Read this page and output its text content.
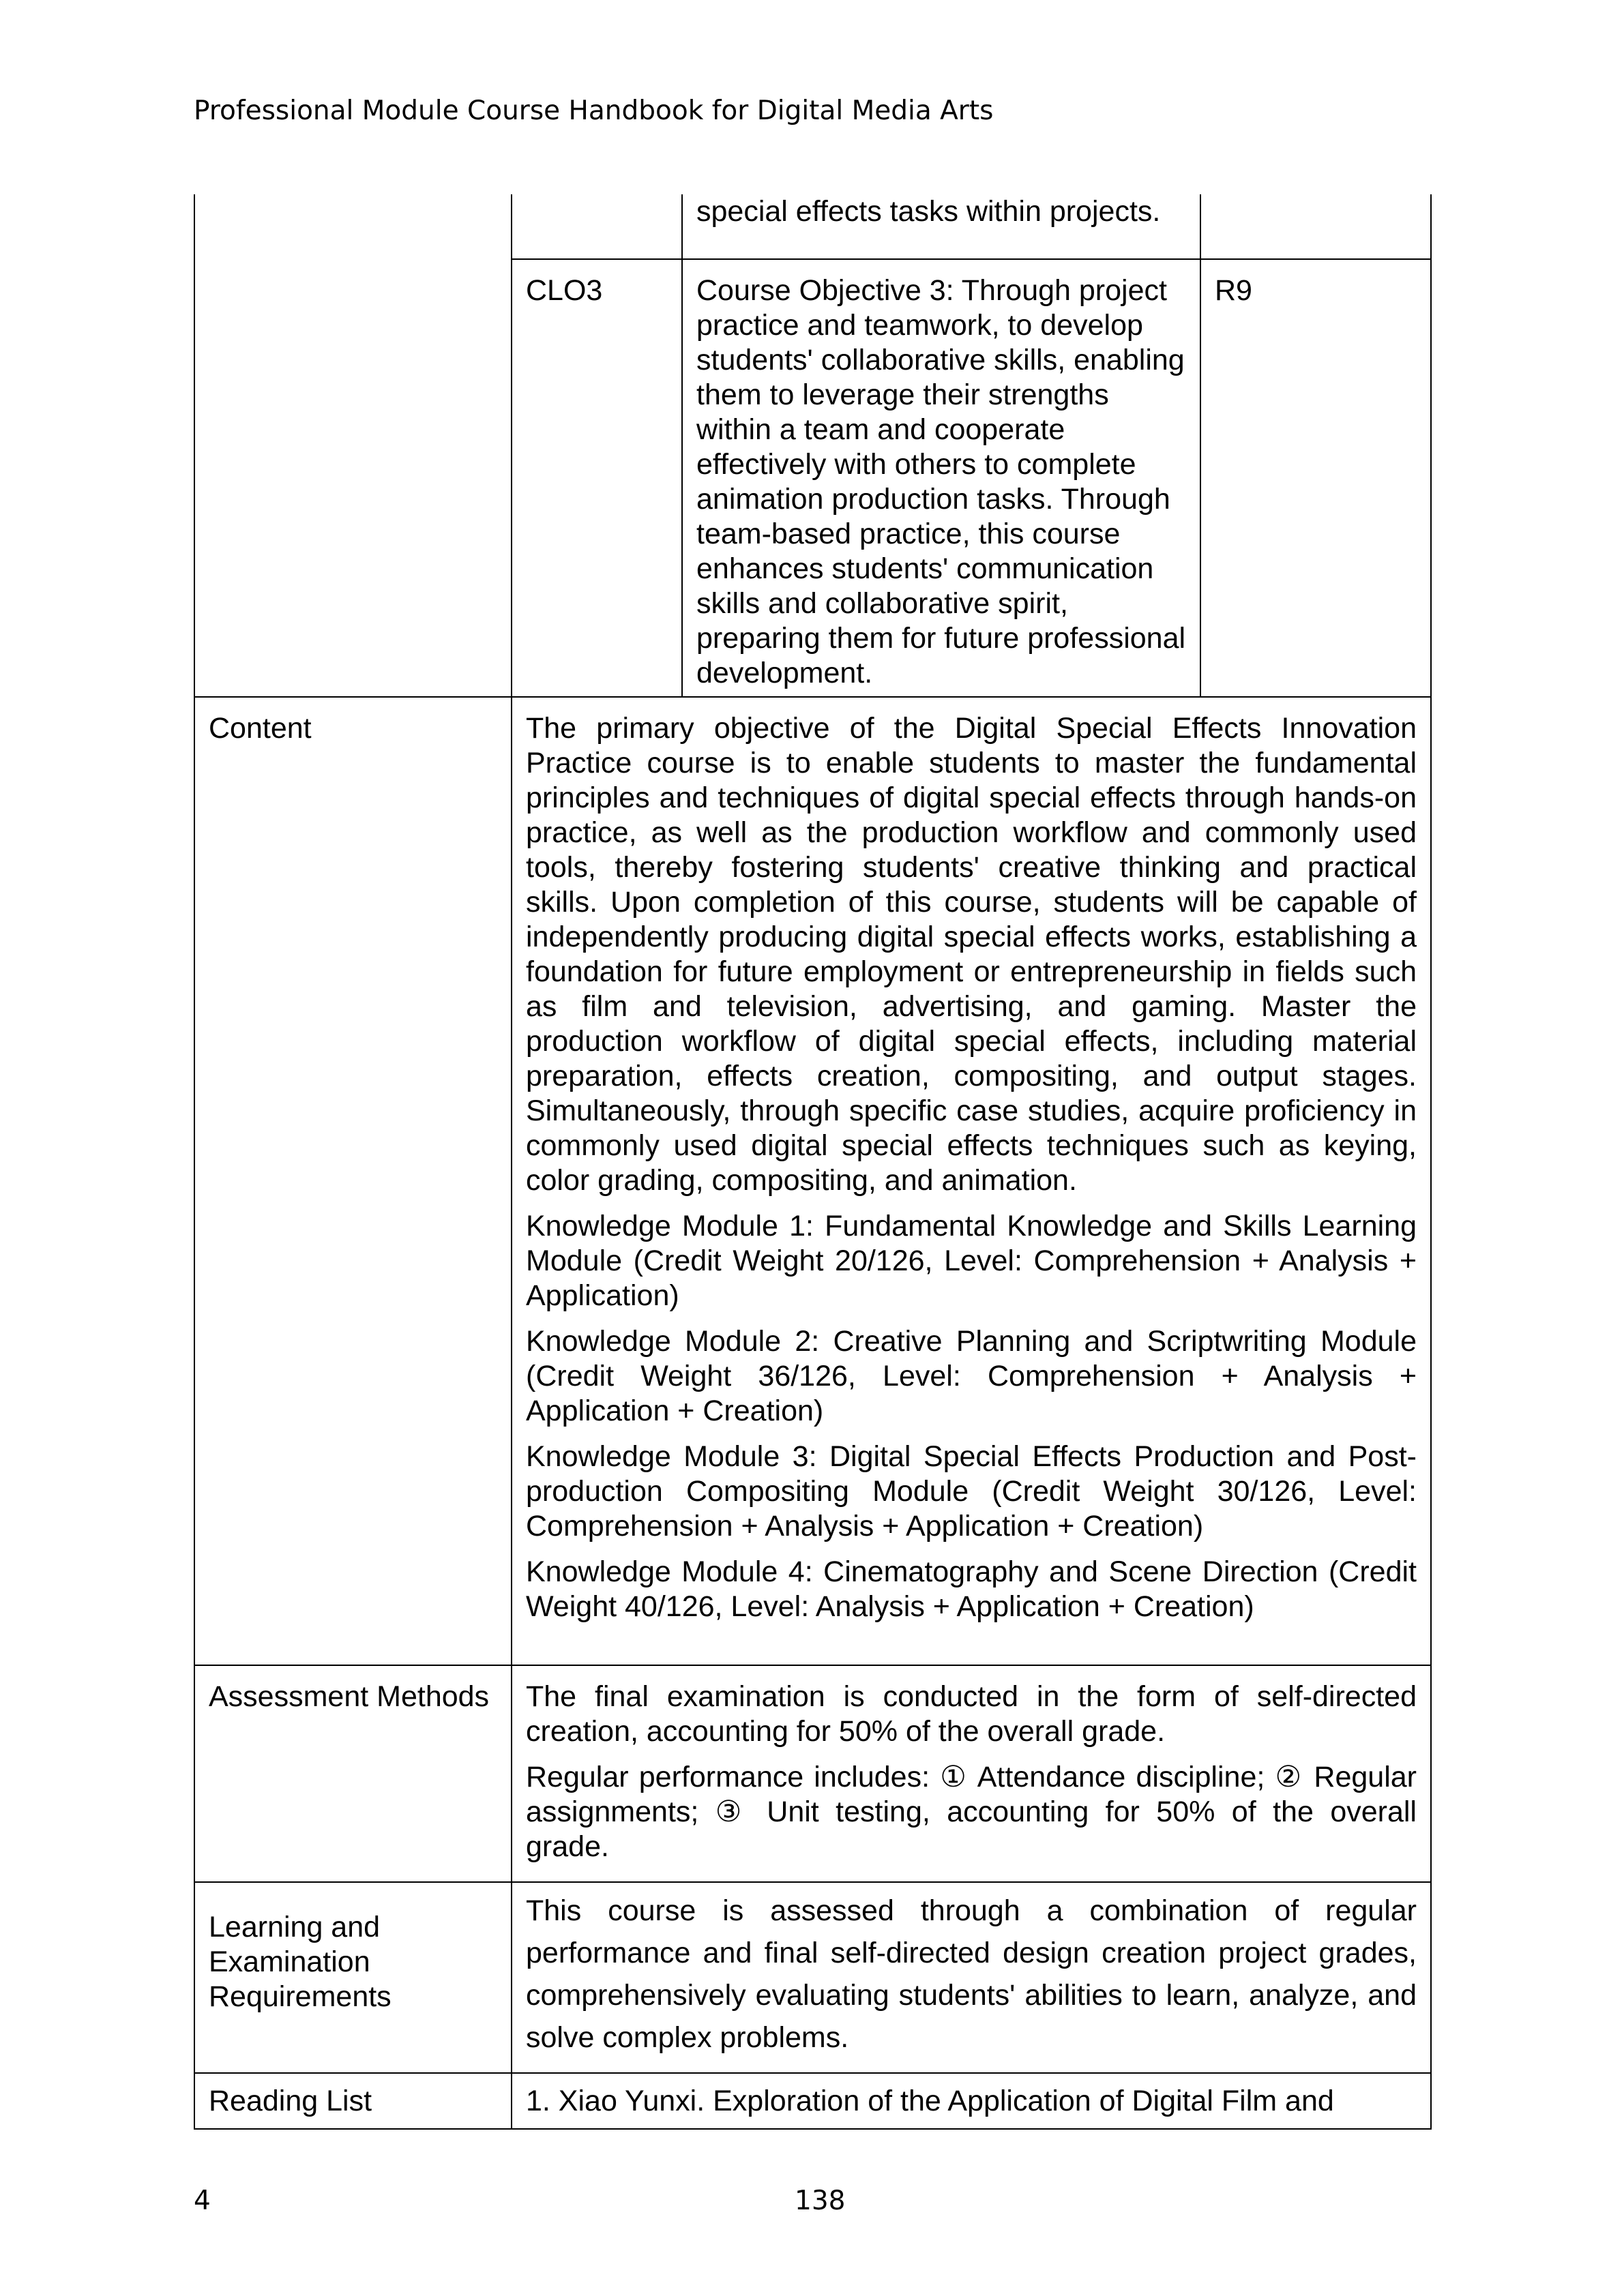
Professional Module Course Handbook for Digital Media Arts
		special effects tasks within projects.	
	CLO3	Course Objective 3: Through project practice and teamwork, to develop students' collaborative skills, enabling them to leverage their strengths within a team and cooperate effectively with others to complete animation production tasks. Through team-based practice, this course enhances students' communication skills and collaborative spirit, preparing them for future professional development.	R9
Content	The primary objective of the Digital Special Effects Innovation Practice course is to enable students to master the fundamental principles and techniques of digital special effects through hands-on practice, as well as the production workflow and commonly used tools, thereby fostering students' creative thinking and practical skills. Upon completion of this course, students will be capable of independently producing digital special effects works, establishing a foundation for future employment or entrepreneurship in fields such as film and television, advertising, and gaming. Master the production workflow of digital special effects, including material preparation, effects creation, compositing, and output stages. Simultaneously, through specific case studies, acquire proficiency in commonly used digital special effects techniques such as keying, color grading, compositing, and animation.

Knowledge Module 1: Fundamental Knowledge and Skills Learning Module (Credit Weight 20/126, Level: Comprehension + Analysis + Application)

Knowledge Module 2: Creative Planning and Scriptwriting Module (Credit Weight 36/126, Level: Comprehension + Analysis + Application + Creation)

Knowledge Module 3: Digital Special Effects Production and Post-production Compositing Module (Credit Weight 30/126, Level: Comprehension + Analysis + Application + Creation)

Knowledge Module 4: Cinematography and Scene Direction (Credit Weight 40/126, Level: Analysis + Application + Creation)		

Assessment Methods	The final examination is conducted in the form of self-directed creation, accounting for 50% of the overall grade.

Regular performance includes: ① Attendance discipline; ② Regular assignments; ③ Unit testing, accounting for 50% of the overall grade.		

Learning and Examination Requirements	This course is assessed through a combination of regular performance and final self-directed design creation project grades, comprehensively evaluating students' abilities to learn, analyze, and solve complex problems.		

Reading List	1. Xiao Yunxi. Exploration of the Application of Digital Film and		
4	138
